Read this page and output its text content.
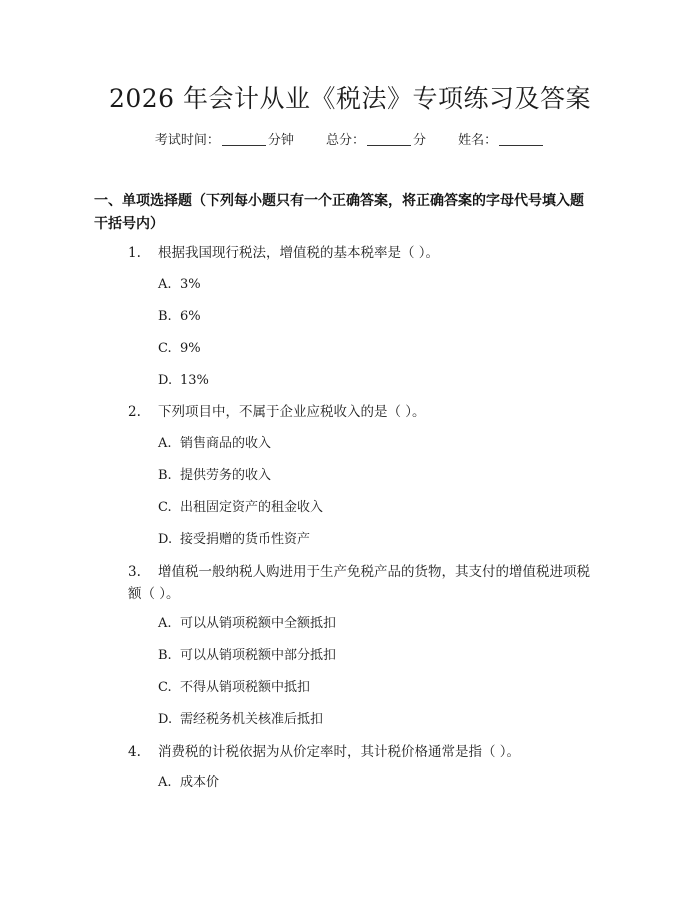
2026 年会计从业《税法》专项练习及答案
考试时间：	分钟 总分：	分 姓名：
一、单项选择题（下列每小题只有一个正确答案，将正确答案的字母代号填入题干括号内）
1. 根据我国现行税法，增值税的基本税率是（ ）。
A. 3%
B. 6%
C. 9%
D. 13%
2. 下列项目中，不属于企业应税收入的是（ ）。
A. 销售商品的收入
B. 提供劳务的收入
C. 出租固定资产的租金收入
D. 接受捐赠的货币性资产
3. 增值税一般纳税人购进用于生产免税产品的货物，其支付的增值税进项税额（ ）。
A. 可以从销项税额中全额抵扣
B. 可以从销项税额中部分抵扣
C. 不得从销项税额中抵扣
D. 需经税务机关核准后抵扣
4. 消费税的计税依据为从价定率时，其计税价格通常是指（ ）。
A. 成本价
